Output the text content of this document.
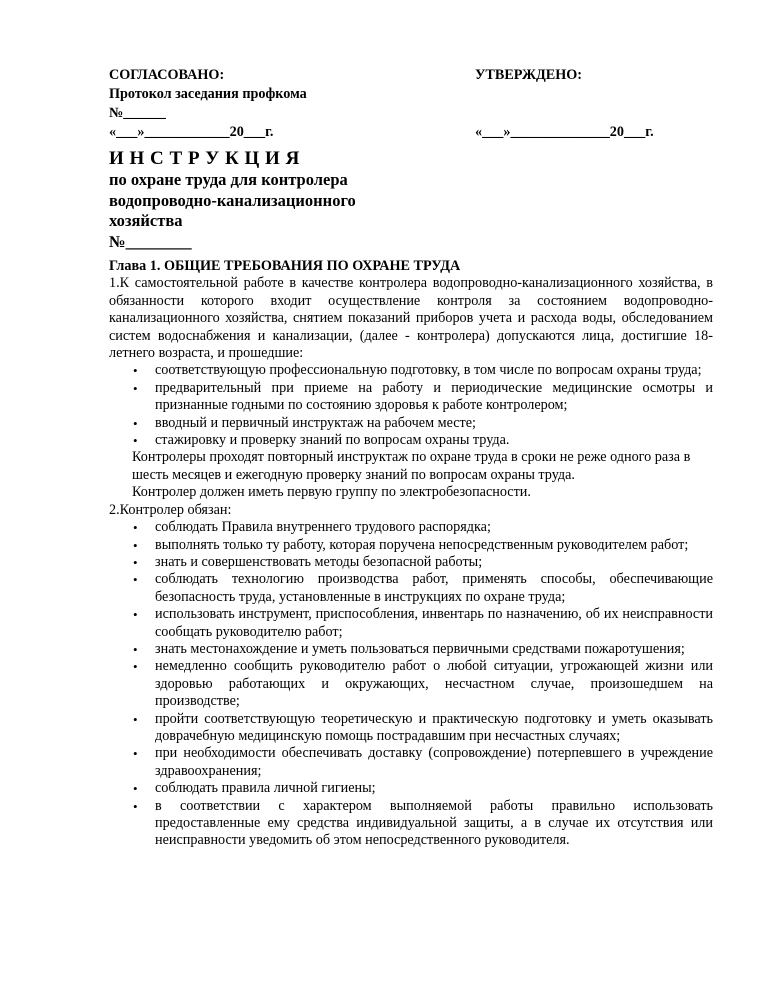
СОГЛАСОВАНО:
Протокол заседания профкома
№______
«___»____________20___г.
УТВЕРЖДЕНО:

«___»______________20___г.
И Н С Т Р У К Ц И Я
по охране труда для контролера
водопроводно-канализационного
хозяйства
№________
Глава 1. ОБЩИЕ ТРЕБОВАНИЯ ПО ОХРАНЕ ТРУДА

1.К самостоятельной работе в качестве контролера водопроводно-канализационного хозяйства, в обязанности которого входит осуществление контроля за состоянием водопроводно-канализационного хозяйства, снятием показаний приборов учета и расхода воды, обследованием систем водоснабжения и канализации, (далее - контролера) допускаются лица, достигшие 18-летнего возраста, и прошедшие:

• соответствующую профессиональную подготовку, в том числе по вопросам охраны труда;
• предварительный при приеме на работу и периодические медицинские осмотры и признанные годными по состоянию здоровья к работе контролером;
• вводный и первичный инструктаж на рабочем месте;
• стажировку и проверку знаний по вопросам охраны труда.
Контролеры проходят повторный инструктаж по охране труда в сроки не реже одного раза в шесть месяцев и ежегодную проверку знаний по вопросам охраны труда.
Контролер должен иметь первую группу по электробезопасности.
2.Контролер обязан:
• соблюдать Правила внутреннего трудового распорядка;
• выполнять только ту работу, которая поручена непосредственным руководителем работ;
• знать и совершенствовать методы безопасной работы;
• соблюдать технологию производства работ, применять способы, обеспечивающие безопасность труда, установленные в инструкциях по охране труда;
• использовать инструмент, приспособления, инвентарь по назначению, об их неисправности сообщать руководителю работ;
• знать местонахождение и уметь пользоваться первичными средствами пожаротушения;
• немедленно сообщить руководителю работ о любой ситуации, угрожающей жизни или здоровью работающих и окружающих, несчастном случае, произошедшем на производстве;
• пройти соответствующую теоретическую и практическую подготовку и уметь оказывать доврачебную медицинскую помощь пострадавшим при несчастных случаях;
• при необходимости обеспечивать доставку (сопровождение) потерпевшего в учреждение здравоохранения;
• соблюдать правила личной гигиены;
• в соответствии с характером выполняемой работы правильно использовать предоставленные ему средства индивидуальной защиты, а в случае их отсутствия или неисправности уведомить об этом непосредственного руководителя.
